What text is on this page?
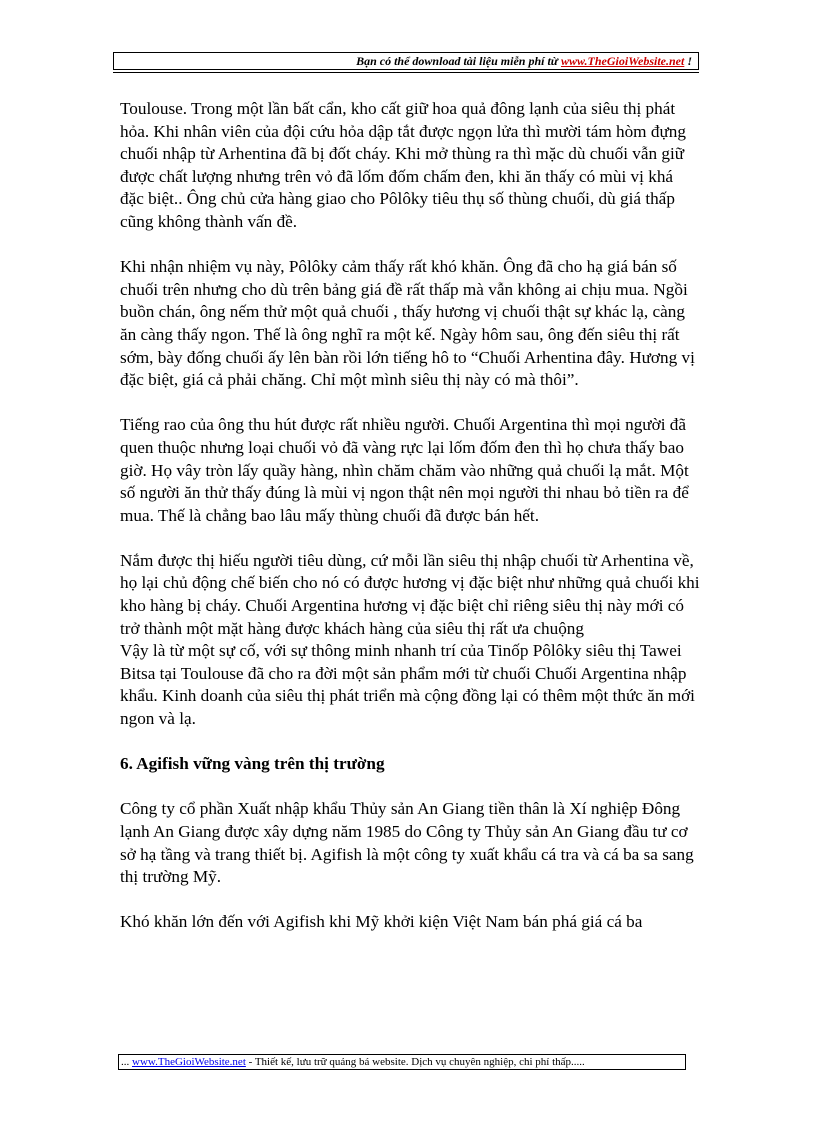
Bạn có thể download tài liệu miễn phí từ www.TheGioiWebsite.net !

Toulouse. Trong một lần bất cẩn, kho cất giữ hoa quả đông lạnh của siêu thị phát hỏa. Khi nhân viên của đội cứu hỏa dập tắt được ngọn lửa thì mười tám hòm đựng chuối nhập từ Arhentina đã bị đốt cháy. Khi mở thùng ra thì mặc dù chuối vẫn giữ được chất lượng nhưng trên vỏ đã lốm đốm chấm đen, khi ăn thấy có mùi vị khá đặc biệt.. Ông chủ cửa hàng giao cho Pôlôky tiêu thụ số thùng chuối, dù giá thấp cũng không thành vấn đề.

Khi nhận nhiệm vụ này, Pôlôky cảm thấy rất khó khăn. Ông đã cho hạ giá bán số chuối trên nhưng cho dù trên bảng giá đề rất thấp mà vẫn không ai chịu mua. Ngồi buồn chán, ông nếm thử một quả chuối , thấy hương vị chuối thật sự khác lạ, càng ăn càng thấy ngon. Thế là ông nghĩ ra một kế. Ngày hôm sau, ông đến siêu thị rất sớm, bày đống chuối ấy lên bàn rồi lớn tiếng hô to “Chuối Arhentina đây. Hương vị đặc biệt, giá cả phải chăng. Chỉ một mình siêu thị này có mà thôi”.

Tiếng rao của ông thu hút được rất nhiều người. Chuối Argentina thì mọi người đã quen thuộc nhưng loại chuối vỏ đã vàng rực lại lốm đốm đen thì họ chưa thấy bao giờ. Họ vây tròn lấy quầy hàng, nhìn chăm chăm vào những quả chuối lạ mắt. Một số người ăn thử thấy đúng là mùi vị ngon thật nên mọi người thi nhau bỏ tiền ra để mua. Thế là chẳng bao lâu mấy thùng chuối đã được bán hết.

Nắm được thị hiếu người tiêu dùng, cứ mỗi lần siêu thị nhập chuối từ Arhentina về, họ lại chủ động chế biến cho nó có được hương vị đặc biệt như những quả chuối khi kho hàng bị cháy. Chuối Argentina hương vị đặc biệt chỉ riêng siêu thị này mới có trở thành một mặt hàng được khách hàng của siêu thị rất ưa chuộng

Vậy là từ một sự cố, với sự thông minh nhanh trí của Tinốp Pôlôky siêu thị Tawei Bitsa tại Toulouse đã cho ra đời một sản phẩm mới từ chuối Chuối Argentina nhập khẩu. Kinh doanh của siêu thị phát triển mà cộng đồng lại có thêm một thức ăn mới ngon và lạ.

6. Agifish vững vàng trên thị trường

Công ty cổ phần Xuất nhập khẩu Thủy sản An Giang tiền thân là Xí nghiệp Đông lạnh An Giang được xây dựng năm 1985 do Công ty Thủy sản An Giang đầu tư cơ sở hạ tầng và trang thiết bị. Agifish là một công ty xuất khẩu cá tra và cá ba sa sang thị trường Mỹ.

Khó khăn lớn đến với Agifish khi Mỹ khởi kiện Việt Nam bán phá giá cá ba

... www.TheGioiWebsite.net - Thiết kế, lưu trữ quảng bá website. Dịch vụ chuyên nghiệp, chi phí thấp.....
